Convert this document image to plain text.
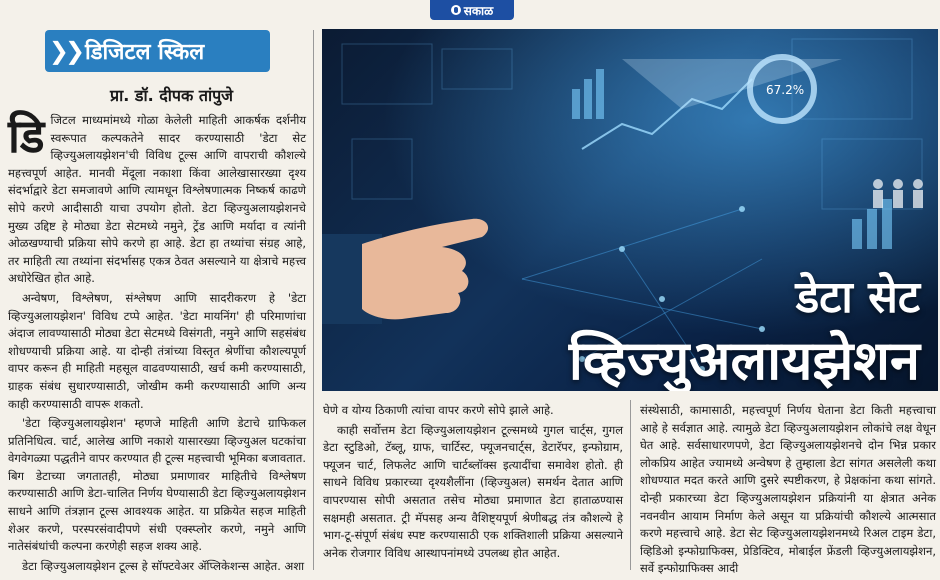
सकाळ
❯❯ डिजिटल स्किल
प्रा. डॉ. दीपक तांपुजे
डि जिटल माध्यमांमध्ये गोळा केलेली माहिती आकर्षक दर्शनीय स्वरूपात कल्पकतेने सादर करण्यासाठी 'डेटा सेट व्हिज्युअलायझेशन'ची विविध टूल्स आणि वापराची कौशल्ये महत्त्वपूर्ण आहेत. मानवी मेंदूला नकाशा किंवा आलेखासारख्या दृश्य संदर्भाद्वारे डेटा समजावणे आणि त्यामधून विश्लेषणात्मक निष्कर्ष काढणे सोपे करणे आदीसाठी याचा उपयोग होतो. डेटा व्हिज्युअलायझेशनचे मुख्य उद्दिष्ट हे मोठ्या डेटा सेटमध्ये नमुने, ट्रेंड आणि मर्यादा व त्यांनी ओळखण्याची प्रक्रिया सोपे करणे हा आहे. डेटा हा तथ्यांचा संग्रह आहे, तर माहिती त्या तथ्यांना संदर्भासह एकत्र ठेवत असल्याने या क्षेत्राचे महत्त्व अधोरेखित होत आहे.

अन्वेषण, विश्लेषण, संश्लेषण आणि सादरीकरण हे 'डेटा व्हिज्युअलायझेशन' विविध टप्पे आहेत. 'डेटा मायनिंग' ही परिमाणांचा अंदाज लावण्यासाठी मोठ्या डेटा सेटमध्ये विसंगती, नमुने आणि सहसंबंध शोधण्याची प्रक्रिया आहे. या दोन्ही तंत्रांच्या विस्तृत श्रेणींचा कौशल्यपूर्ण वापर करून ही माहिती महसूल वाढवण्यासाठी, खर्च कमी करण्यासाठी, ग्राहक संबंध सुधारण्यासाठी, जोखीम कमी करण्यासाठी आणि अन्य काही करण्यासाठी वापरू शकतो.

'डेटा व्हिज्युअलायझेशन' म्हणजे माहिती आणि डेटाचे ग्राफिकल प्रतिनिधित्व. चार्ट, आलेख आणि नकाशे यासारख्या व्हिज्युअल घटकांचा वेगवेगळ्या पद्धतीने वापर करण्यात ही टूल्स महत्त्वाची भूमिका बजावतात. बिग डेटाच्या जगतातही, मोठ्या प्रमाणावर माहितीचे विश्लेषण करण्यासाठी आणि डेटा-चालित निर्णय घेण्यासाठी डेटा व्हिज्युअलायझेशन साधने आणि तंत्रज्ञान टूल्स आवश्यक आहेत. या प्रक्रियेत सहज माहिती शेअर करणे, परस्परसंवादीपणे संधी एक्स्प्लोर करणे, नमुने आणि नातेसंबंधांची कल्पना करणेही सहज शक्य आहे.

डेटा व्हिज्युअलायझेशन टूल्स हे सॉफ्टवेअर ॲप्लिकेशन्स आहेत. अशा

67.2%
डेटा सेट
व्हिज्युअलायझेशन

घेणे व योग्य ठिकाणी त्यांचा वापर करणे सोपे झाले आहे.

काही सर्वोत्तम डेटा व्हिज्युअलायझेशन टूल्समध्ये गुगल चार्ट्स, गुगल डेटा स्टुडिओ, टॅब्लू, ग्राफ, चार्टिस्ट, फ्यूजनचार्ट्स, डेटारॅपर, इन्फोग्राम, फ्यूजन चार्ट, लिफलेट आणि चार्टब्लॉक्स इत्यादींचा समावेश होतो. ही साधने विविध प्रकारच्या दृश्यशैलींना (व्हिज्युअल) समर्थन देतात आणि वापरण्यास सोपी असतात तसेच मोठ्या प्रमाणात डेटा हाताळण्यास सक्षमही असतात. ट्री मॅपसह अन्य वैशिष्ट्यपूर्ण श्रेणीबद्ध तंत्र कौशल्ये हे भाग-टू-संपूर्ण संबंध स्पष्ट करण्यासाठी एक शक्तिशाली प्रक्रिया असल्याने अनेक रोजगार विविध आस्थापनांमध्ये उपलब्ध होत आहेत.

संस्थेसाठी, कामासाठी, महत्त्वपूर्ण निर्णय घेताना डेटा किती महत्त्वाचा आहे हे सर्वज्ञात आहे. त्यामुळे डेटा व्हिज्युअलायझेशन लोकांचे लक्ष वेधून घेत आहे. सर्वसाधारणपणे, डेटा व्हिज्युअलायझेशनचे दोन भिन्न प्रकार लोकप्रिय आहेत ज्यामध्ये अन्वेषण हे तुम्हाला डेटा सांगत असलेली कथा शोधण्यात मदत करते आणि दुसरे स्पष्टीकरण, हे प्रेक्षकांना कथा सांगते. दोन्ही प्रकारच्या डेटा व्हिज्युअलायझेशन प्रक्रियांनी या क्षेत्रात अनेक नवनवीन आयाम निर्माण केले असून या प्रक्रियांची कौशल्ये आत्मसात करणे महत्त्वाचे आहे. डेटा सेट व्हिज्युअलायझेशनमध्ये रिअल टाइम डेटा, व्हिडिओ इन्फोग्राफिक्स, प्रेडिक्टिव, मोबाईल फ्रेंडली व्हिज्युअलायझेशन, सर्वे इन्फोग्राफिक्स आदी
